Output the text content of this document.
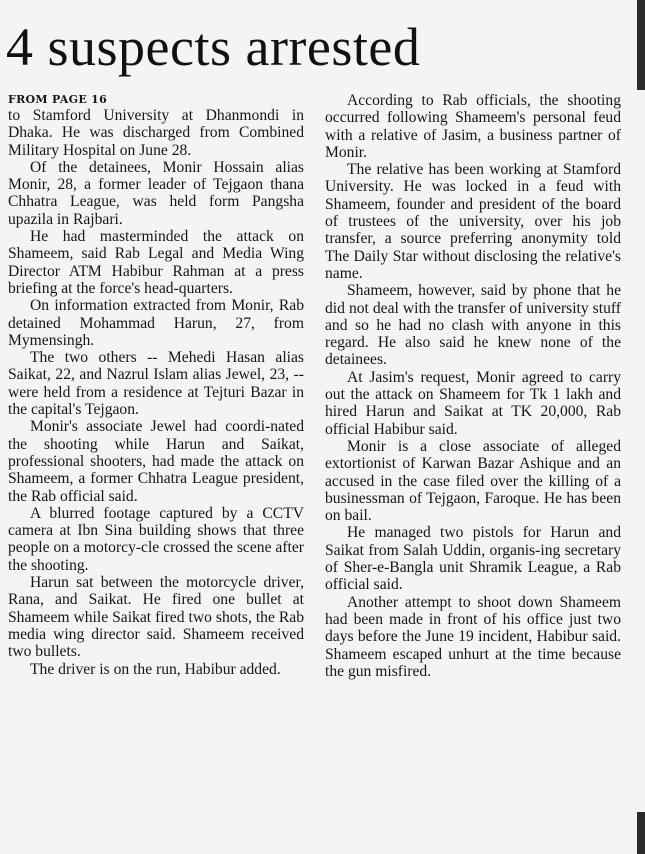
4 suspects arrested

FROM PAGE 16

to Stamford University at Dhanmondi in Dhaka. He was discharged from Combined Military Hospital on June 28.

Of the detainees, Monir Hossain alias Monir, 28, a former leader of Tejgaon thana Chhatra League, was held form Pangsha upazila in Rajbari.

He had masterminded the attack on Shameem, said Rab Legal and Media Wing Director ATM Habibur Rahman at a press briefing at the force's head-quarters.

On information extracted from Monir, Rab detained Mohammad Harun, 27, from Mymensingh.

The two others -- Mehedi Hasan alias Saikat, 22, and Nazrul Islam alias Jewel, 23, -- were held from a residence at Tejturi Bazar in the capital's Tejgaon.

Monir's associate Jewel had coordi-nated the shooting while Harun and Saikat, professional shooters, had made the attack on Shameem, a former Chhatra League president, the Rab official said.

A blurred footage captured by a CCTV camera at Ibn Sina building shows that three people on a motorcy-cle crossed the scene after the shooting.

Harun sat between the motorcycle driver, Rana, and Saikat. He fired one bullet at Shameem while Saikat fired two shots, the Rab media wing director said. Shameem received two bullets.

The driver is on the run, Habibur added.

According to Rab officials, the shooting occurred following Shameem's personal feud with a relative of Jasim, a business partner of Monir.

The relative has been working at Stamford University. He was locked in a feud with Shameem, founder and president of the board of trustees of the university, over his job transfer, a source preferring anonymity told The Daily Star without disclosing the relative's name.

Shameem, however, said by phone that he did not deal with the transfer of university stuff and so he had no clash with anyone in this regard. He also said he knew none of the detainees.

At Jasim's request, Monir agreed to carry out the attack on Shameem for Tk 1 lakh and hired Harun and Saikat at TK 20,000, Rab official Habibur said.

Monir is a close associate of alleged extortionist of Karwan Bazar Ashique and an accused in the case filed over the killing of a businessman of Tejgaon, Faroque. He has been on bail.

He managed two pistols for Harun and Saikat from Salah Uddin, organis-ing secretary of Sher-e-Bangla unit Shramik League, a Rab official said.

Another attempt to shoot down Shameem had been made in front of his office just two days before the June 19 incident, Habibur said. Shameem escaped unhurt at the time because the gun misfired.
